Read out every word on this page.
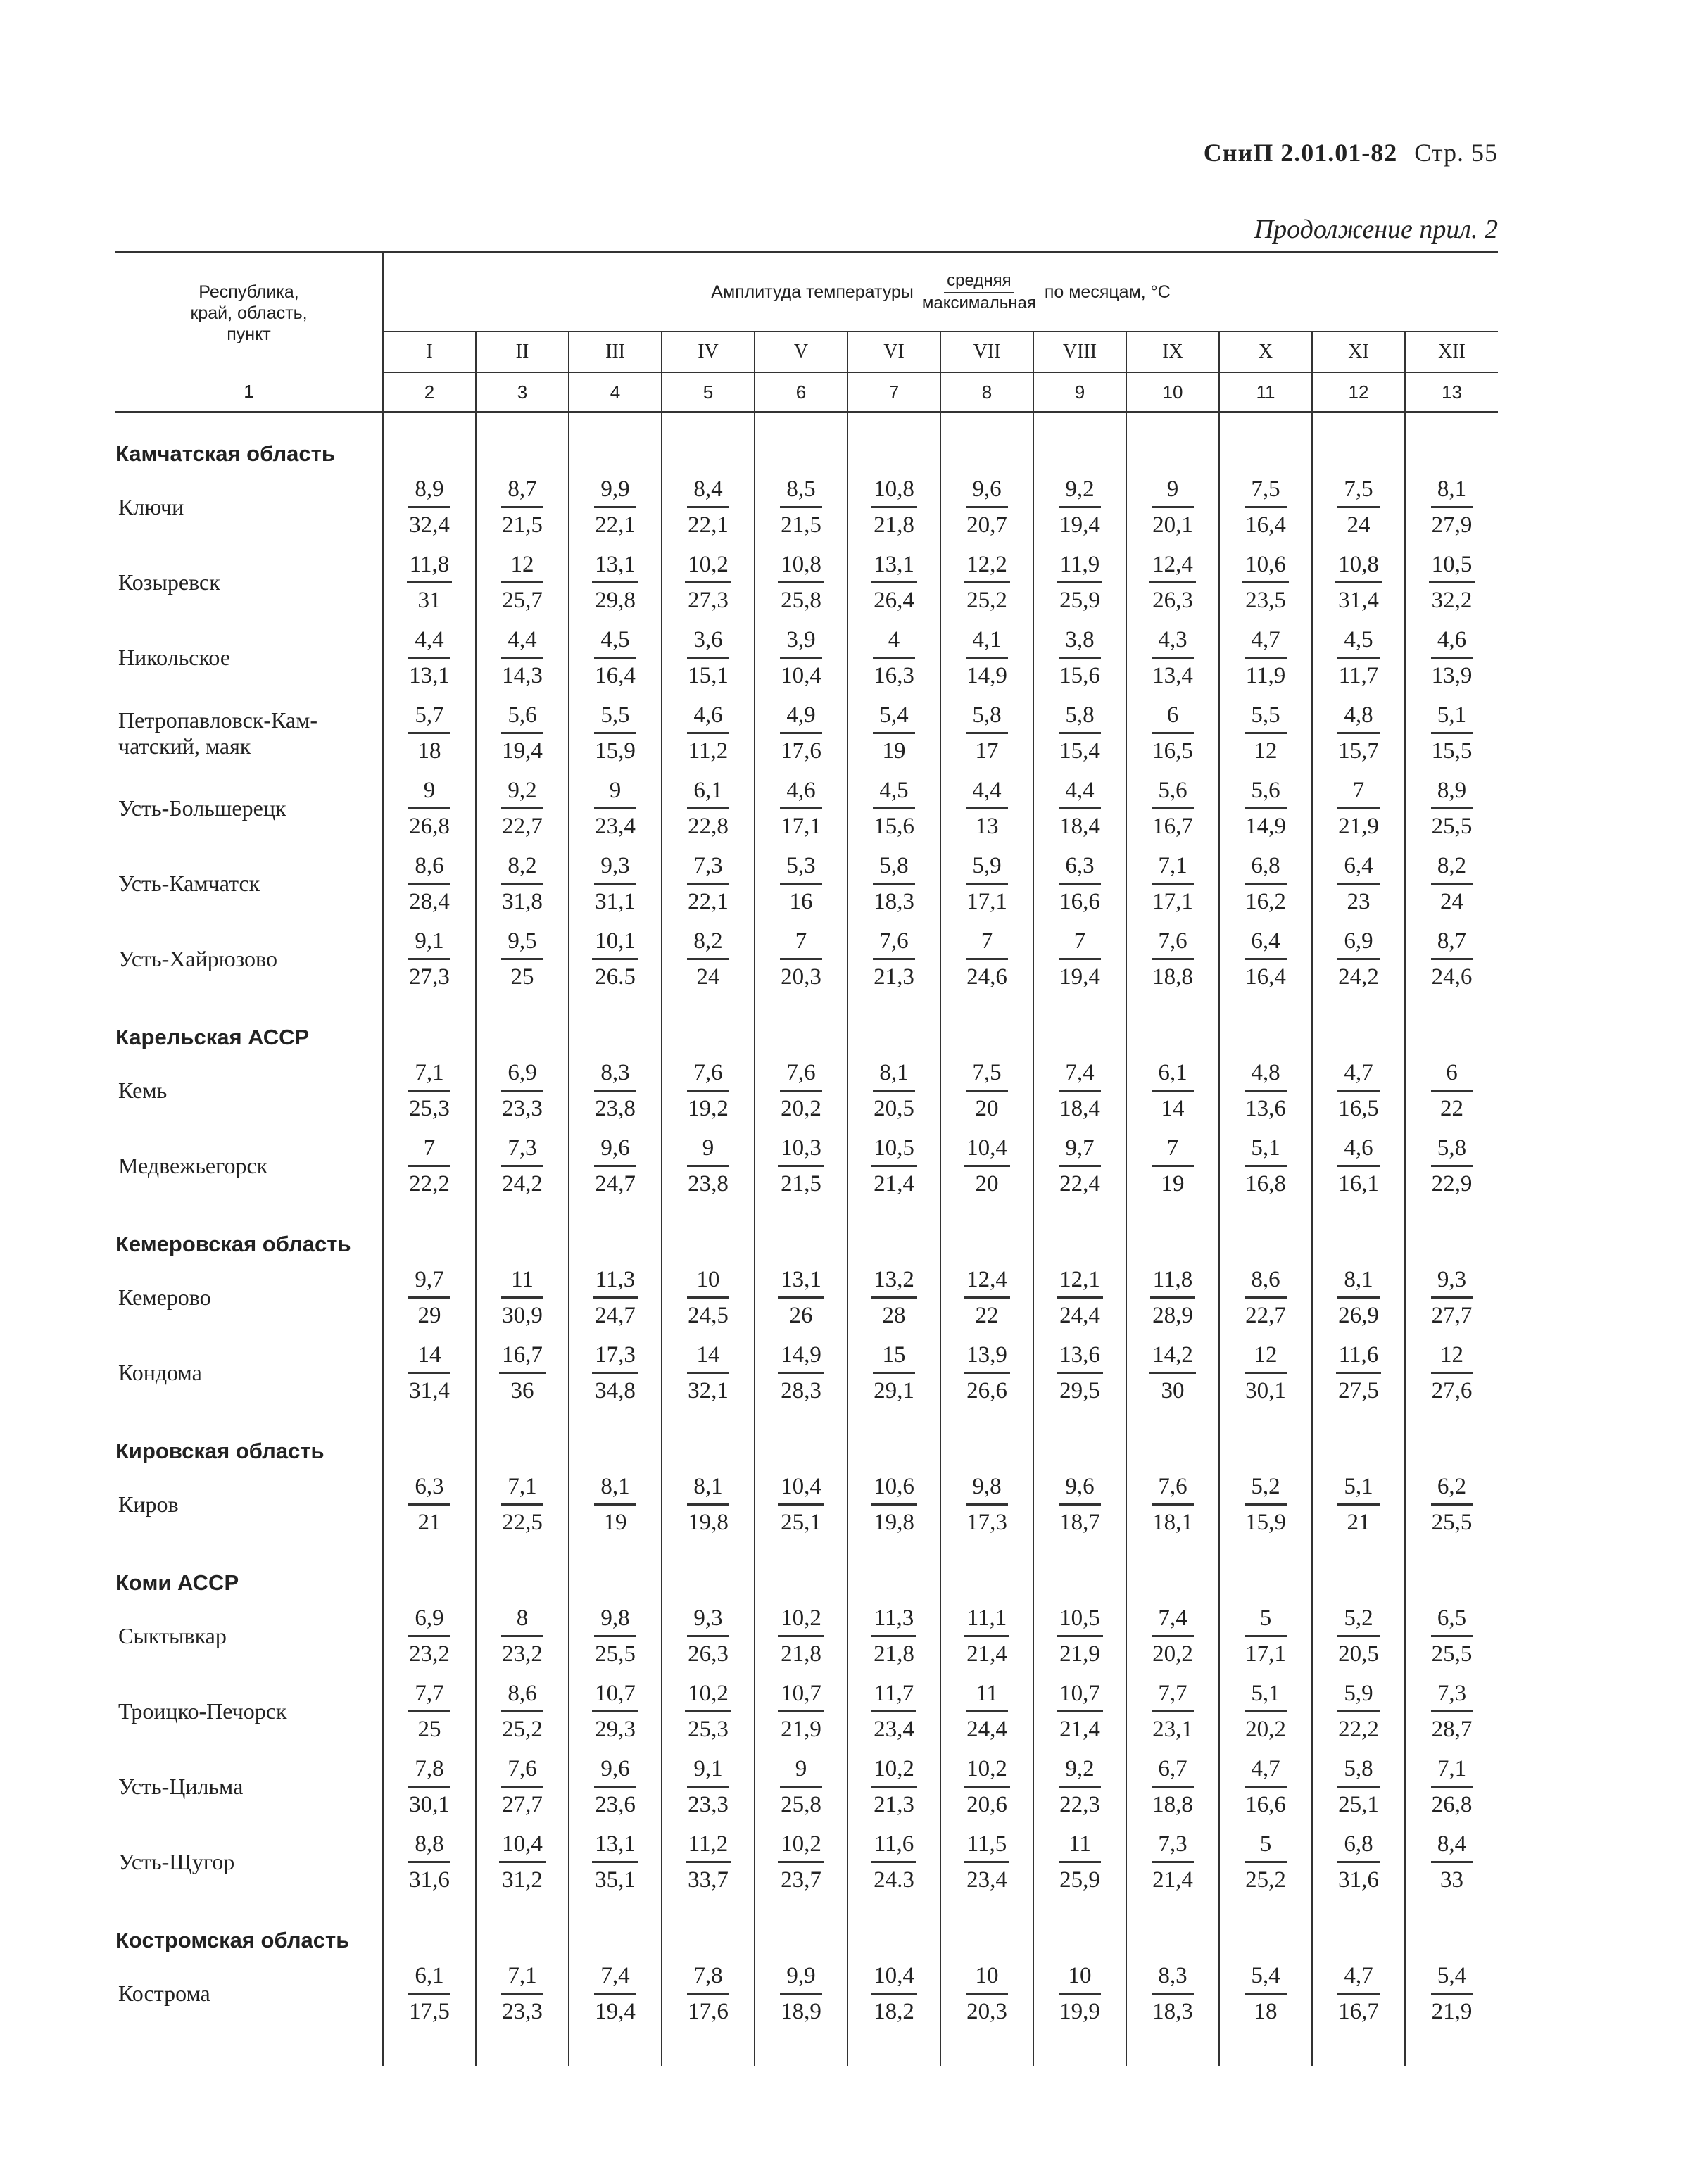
СниП 2.01.01-82 Стр. 55
Продолжение прил. 2
Республика, край, область, пункт	Амплитуда температуры
средняя
максимальная
по месяцам, °С											

	I	II	III	IV	V	VI	VII	VIII	IX	X	XI	XII
1	2	3	4	5	6	7	8	9	10	11	12	13
Камчатская область												
Ключи	$\frac{8,9}{32,4}$	$\frac{8,7}{21,5}$	$\frac{9,9}{22,1}$	$\frac{8,4}{22,1}$	$\frac{8,5}{21,5}$	$\frac{10,8}{21,8}$	$\frac{9,6}{20,7}$	$\frac{9,2}{19,4}$	$\frac{9}{20,1}$	$\frac{7,5}{16,4}$	$\frac{7,5}{24}$	$\frac{8,1}{27,9}$

Козыревск	$\frac{11,8}{31}$	$\frac{12}{25,7}$	$\frac{13,1}{29,8}$	$\frac{10,2}{27,3}$	$\frac{10,8}{25,8}$	$\frac{13,1}{26,4}$	$\frac{12,2}{25,2}$	$\frac{11,9}{25,9}$	$\frac{12,4}{26,3}$	$\frac{10,6}{23,5}$	$\frac{10,8}{31,4}$	$\frac{10,5}{32,2}$

Никольское	$\frac{4,4}{13,1}$	$\frac{4,4}{14,3}$	$\frac{4,5}{16,4}$	$\frac{3,6}{15,1}$	$\frac{3,9}{10,4}$	$\frac{4}{16,3}$	$\frac{4,1}{14,9}$	$\frac{3,8}{15,6}$	$\frac{4,3}{13,4}$	$\frac{4,7}{11,9}$	$\frac{4,5}{11,7}$	$\frac{4,6}{13,9}$

Петропавловск-Кам-
чатский, маяк	$\frac{5,7}{18}$	$\frac{5,6}{19,4}$	$\frac{5,5}{15,9}$	$\frac{4,6}{11,2}$	$\frac{4,9}{17,6}$	$\frac{5,4}{19}$	$\frac{5,8}{17}$	$\frac{5,8}{15,4}$	$\frac{6}{16,5}$	$\frac{5,5}{12}$	$\frac{4,8}{15,7}$	$\frac{5,1}{15,5}$

Усть-Большерецк	$\frac{9}{26,8}$	$\frac{9,2}{22,7}$	$\frac{9}{23,4}$	$\frac{6,1}{22,8}$	$\frac{4,6}{17,1}$	$\frac{4,5}{15,6}$	$\frac{4,4}{13}$	$\frac{4,4}{18,4}$	$\frac{5,6}{16,7}$	$\frac{5,6}{14,9}$	$\frac{7}{21,9}$	$\frac{8,9}{25,5}$

Усть-Камчатск	$\frac{8,6}{28,4}$	$\frac{8,2}{31,8}$	$\frac{9,3}{31,1}$	$\frac{7,3}{22,1}$	$\frac{5,3}{16}$	$\frac{5,8}{18,3}$	$\frac{5,9}{17,1}$	$\frac{6,3}{16,6}$	$\frac{7,1}{17,1}$	$\frac{6,8}{16,2}$	$\frac{6,4}{23}$	$\frac{8,2}{24}$

Усть-Хайрюзово	$\frac{9,1}{27,3}$	$\frac{9,5}{25}$	$\frac{10,1}{26.5}$	$\frac{8,2}{24}$	$\frac{7}{20,3}$	$\frac{7,6}{21,3}$	$\frac{7}{24,6}$	$\frac{7}{19,4}$	$\frac{7,6}{18,8}$	$\frac{6,4}{16,4}$	$\frac{6,9}{24,2}$	$\frac{8,7}{24,6}$

Карельская АССР												
Кемь	$\frac{7,1}{25,3}$	$\frac{6,9}{23,3}$	$\frac{8,3}{23,8}$	$\frac{7,6}{19,2}$	$\frac{7,6}{20,2}$	$\frac{8,1}{20,5}$	$\frac{7,5}{20}$	$\frac{7,4}{18,4}$	$\frac{6,1}{14}$	$\frac{4,8}{13,6}$	$\frac{4,7}{16,5}$	$\frac{6}{22}$

Медвежьегорск	$\frac{7}{22,2}$	$\frac{7,3}{24,2}$	$\frac{9,6}{24,7}$	$\frac{9}{23,8}$	$\frac{10,3}{21,5}$	$\frac{10,5}{21,4}$	$\frac{10,4}{20}$	$\frac{9,7}{22,4}$	$\frac{7}{19}$	$\frac{5,1}{16,8}$	$\frac{4,6}{16,1}$	$\frac{5,8}{22,9}$

Кемеровская область												
Кемерово	$\frac{9,7}{29}$	$\frac{11}{30,9}$	$\frac{11,3}{24,7}$	$\frac{10}{24,5}$	$\frac{13,1}{26}$	$\frac{13,2}{28}$	$\frac{12,4}{22}$	$\frac{12,1}{24,4}$	$\frac{11,8}{28,9}$	$\frac{8,6}{22,7}$	$\frac{8,1}{26,9}$	$\frac{9,3}{27,7}$

Кондома	$\frac{14}{31,4}$	$\frac{16,7}{36}$	$\frac{17,3}{34,8}$	$\frac{14}{32,1}$	$\frac{14,9}{28,3}$	$\frac{15}{29,1}$	$\frac{13,9}{26,6}$	$\frac{13,6}{29,5}$	$\frac{14,2}{30}$	$\frac{12}{30,1}$	$\frac{11,6}{27,5}$	$\frac{12}{27,6}$

Кировская область												
Киров	$\frac{6,3}{21}$	$\frac{7,1}{22,5}$	$\frac{8,1}{19}$	$\frac{8,1}{19,8}$	$\frac{10,4}{25,1}$	$\frac{10,6}{19,8}$	$\frac{9,8}{17,3}$	$\frac{9,6}{18,7}$	$\frac{7,6}{18,1}$	$\frac{5,2}{15,9}$	$\frac{5,1}{21}$	$\frac{6,2}{25,5}$

Коми АССР												
Сыктывкар	$\frac{6,9}{23,2}$	$\frac{8}{23,2}$	$\frac{9,8}{25,5}$	$\frac{9,3}{26,3}$	$\frac{10,2}{21,8}$	$\frac{11,3}{21,8}$	$\frac{11,1}{21,4}$	$\frac{10,5}{21,9}$	$\frac{7,4}{20,2}$	$\frac{5}{17,1}$	$\frac{5,2}{20,5}$	$\frac{6,5}{25,5}$

Троицко-Печорск	$\frac{7,7}{25}$	$\frac{8,6}{25,2}$	$\frac{10,7}{29,3}$	$\frac{10,2}{25,3}$	$\frac{10,7}{21,9}$	$\frac{11,7}{23,4}$	$\frac{11}{24,4}$	$\frac{10,7}{21,4}$	$\frac{7,7}{23,1}$	$\frac{5,1}{20,2}$	$\frac{5,9}{22,2}$	$\frac{7,3}{28,7}$

Усть-Цильма	$\frac{7,8}{30,1}$	$\frac{7,6}{27,7}$	$\frac{9,6}{23,6}$	$\frac{9,1}{23,3}$	$\frac{9}{25,8}$	$\frac{10,2}{21,3}$	$\frac{10,2}{20,6}$	$\frac{9,2}{22,3}$	$\frac{6,7}{18,8}$	$\frac{4,7}{16,6}$	$\frac{5,8}{25,1}$	$\frac{7,1}{26,8}$

Усть-Щугор	$\frac{8,8}{31,6}$	$\frac{10,4}{31,2}$	$\frac{13,1}{35,1}$	$\frac{11,2}{33,7}$	$\frac{10,2}{23,7}$	$\frac{11,6}{24.3}$	$\frac{11,5}{23,4}$	$\frac{11}{25,9}$	$\frac{7,3}{21,4}$	$\frac{5}{25,2}$	$\frac{6,8}{31,6}$	$\frac{8,4}{33}$

Костромская область												
Кострома	$\frac{6,1}{17,5}$	$\frac{7,1}{23,3}$	$\frac{7,4}{19,4}$	$\frac{7,8}{17,6}$	$\frac{9,9}{18,9}$	$\frac{10,4}{18,2}$	$\frac{10}{20,3}$	$\frac{10}{19,9}$	$\frac{8,3}{18,3}$	$\frac{5,4}{18}$	$\frac{4,7}{16,7}$	$\frac{5,4}{21,9}$
